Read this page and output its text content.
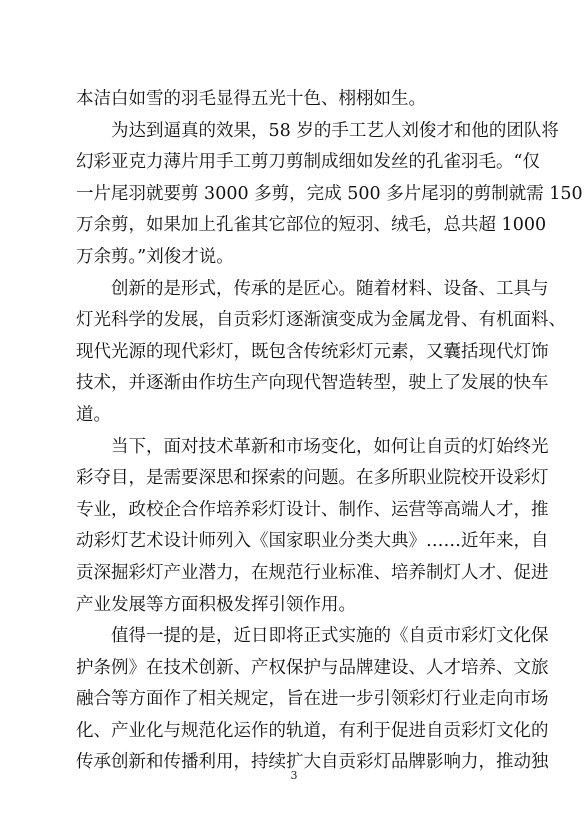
本洁白如雪的羽毛显得五光十色、栩栩如生。
为达到逼真的效果，58 岁的手工艺人刘俊才和他的团队将
幻彩亚克力薄片用手工剪刀剪制成细如发丝的孔雀羽毛。“仅
一片尾羽就要剪 3000 多剪，完成 500 多片尾羽的剪制就需 150
万余剪，如果加上孔雀其它部位的短羽、绒毛，总共超 1000
万余剪。”刘俊才说。
创新的是形式，传承的是匠心。随着材料、设备、工具与
灯光科学的发展，自贡彩灯逐渐演变成为金属龙骨、有机面料、
现代光源的现代彩灯，既包含传统彩灯元素，又囊括现代灯饰
技术，并逐渐由作坊生产向现代智造转型，驶上了发展的快车
道。
当下，面对技术革新和市场变化，如何让自贡的灯始终光
彩夺目，是需要深思和探索的问题。在多所职业院校开设彩灯
专业，政校企合作培养彩灯设计、制作、运营等高端人才，推
动彩灯艺术设计师列入《国家职业分类大典》……近年来，自
贡深掘彩灯产业潜力，在规范行业标准、培养制灯人才、促进
产业发展等方面积极发挥引领作用。
值得一提的是，近日即将正式实施的《自贡市彩灯文化保
护条例》在技术创新、产权保护与品牌建设、人才培养、文旅
融合等方面作了相关规定，旨在进一步引领彩灯行业走向市场
化、产业化与规范化运作的轨道，有利于促进自贡彩灯文化的
传承创新和传播利用，持续扩大自贡彩灯品牌影响力，推动独
3
